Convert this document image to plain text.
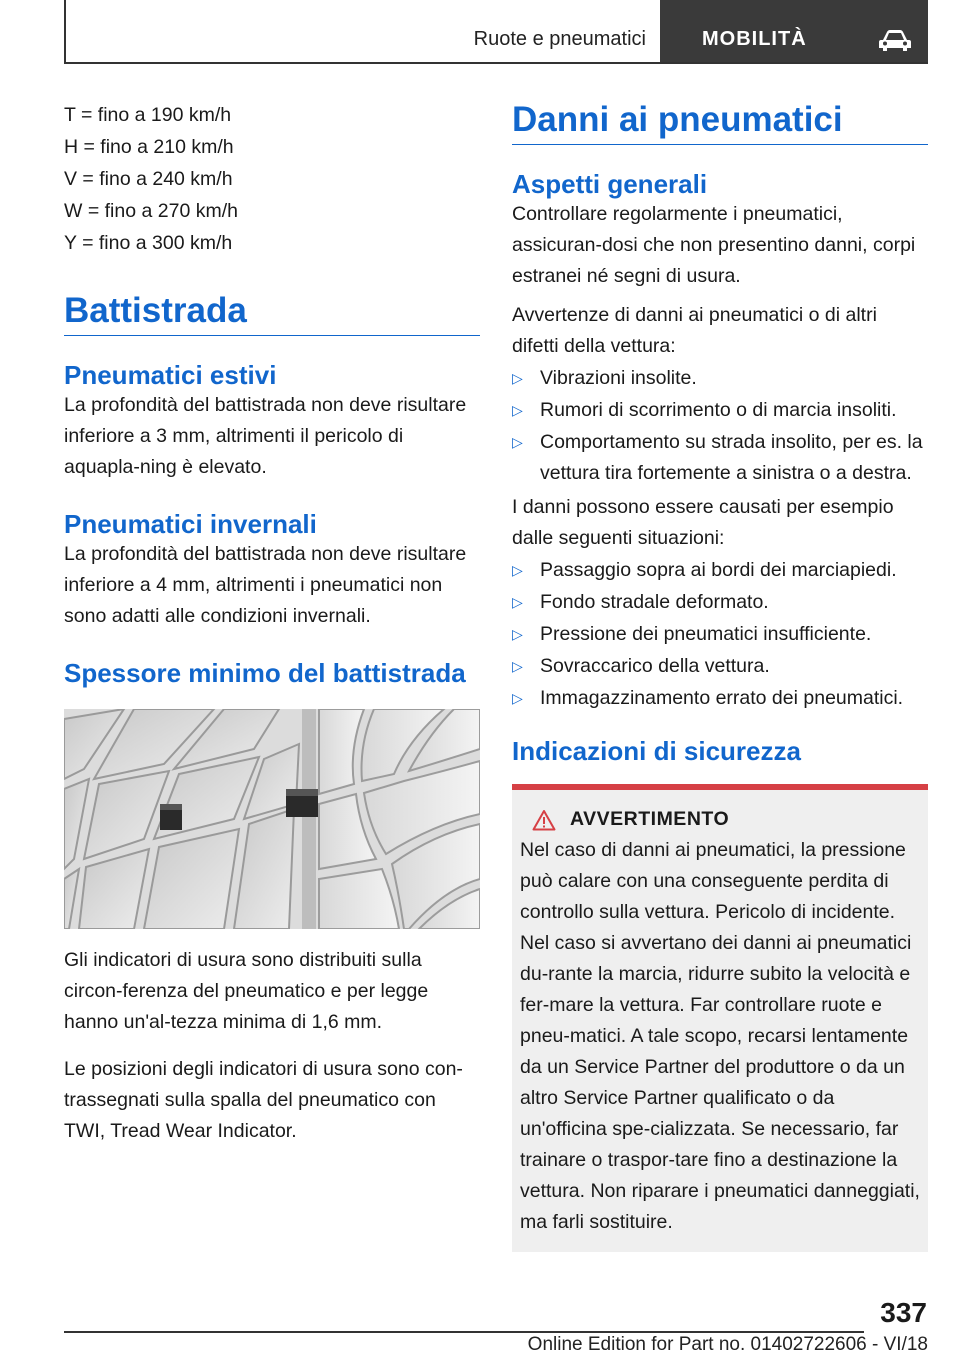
Ruote e pneumatici	MOBILITÀ

T = fino a 190 km/h

H = fino a 210 km/h

V = fino a 240 km/h

W = fino a 270 km/h

Y = fino a 300 km/h

Battistrada
Pneumatici estivi

La profondità del battistrada non deve risultare inferiore a 3 mm, altrimenti il pericolo di aquapla-ning è elevato.

Pneumatici invernali

La profondità del battistrada non deve risultare inferiore a 4 mm, altrimenti i pneumatici non sono adatti alle condizioni invernali.

Spessore minimo del battistrada

Gli indicatori di usura sono distribuiti sulla circon-ferenza del pneumatico e per legge hanno un'al-tezza minima di 1,6 mm.

Le posizioni degli indicatori di usura sono con-trassegnati sulla spalla del pneumatico con TWI, Tread Wear Indicator.

Danni ai pneumatici
Aspetti generali

Controllare regolarmente i pneumatici, assicuran-dosi che non presentino danni, corpi estranei né segni di usura.

Avvertenze di danni ai pneumatici o di altri difetti della vettura:

▷ Vibrazioni insolite.
▷ Rumori di scorrimento o di marcia insoliti.
▷ Comportamento su strada insolito, per es. la vettura tira fortemente a sinistra o a destra.

I danni possono essere causati per esempio dalle seguenti situazioni:

▷ Passaggio sopra ai bordi dei marciapiedi.
▷ Fondo stradale deformato.
▷ Pressione dei pneumatici insufficiente.
▷ Sovraccarico della vettura.
▷ Immagazzinamento errato dei pneumatici.
Indicazioni di sicurezza
AVVERTIMENTO

Nel caso di danni ai pneumatici, la pressione può calare con una conseguente perdita di controllo sulla vettura. Pericolo di incidente. Nel caso si avvertano dei danni ai pneumatici du-rante la marcia, ridurre subito la velocità e fer-mare la vettura. Far controllare ruote e pneu-matici. A tale scopo, recarsi lentamente da un Service Partner del produttore o da un altro Service Partner qualificato o da un'officina spe-cializzata. Se necessario, far trainare o traspor-tare fino a destinazione la vettura. Non riparare i pneumatici danneggiati, ma farli sostituire.

337
Online Edition for Part no. 01402722606 - VI/18
